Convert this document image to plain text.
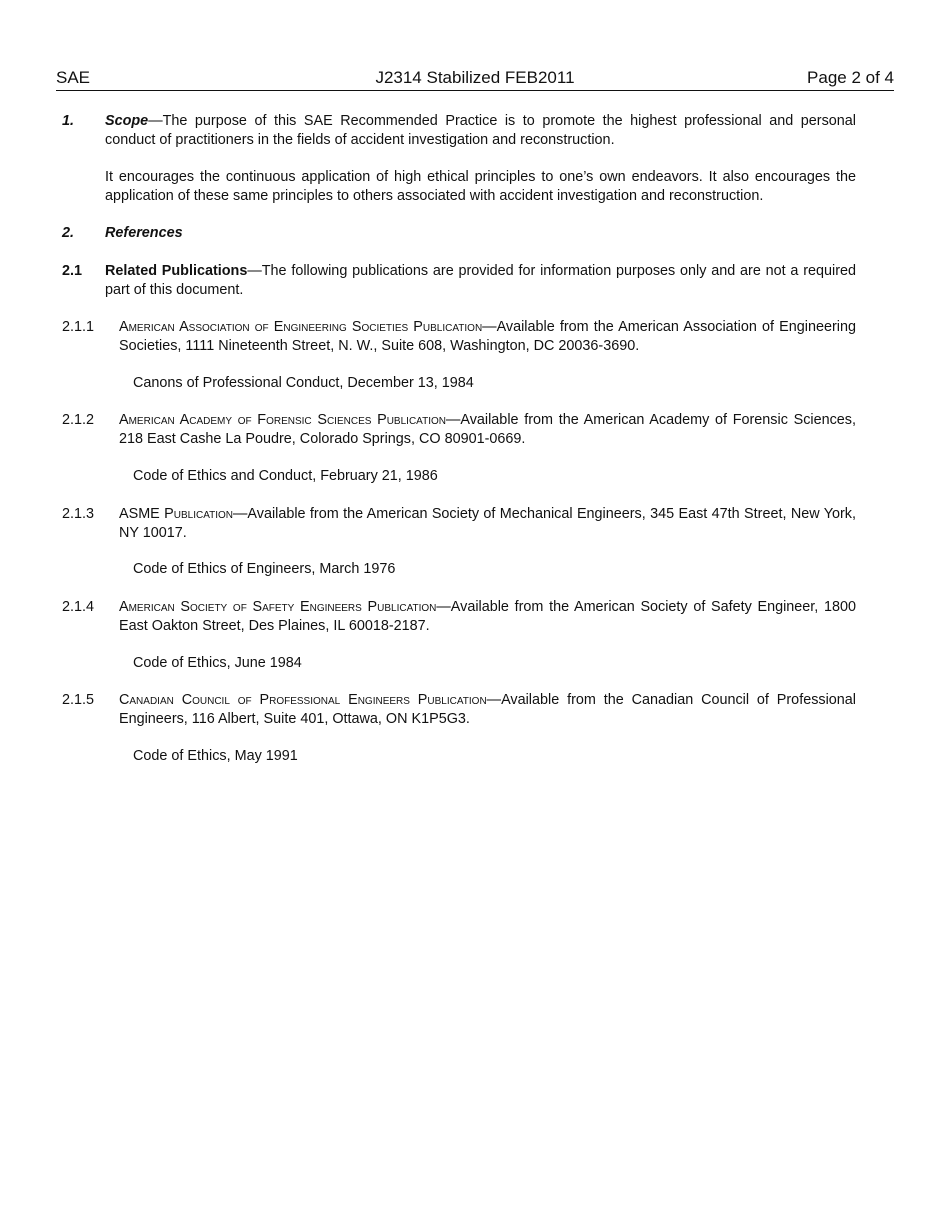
SAE	J2314 Stabilized FEB2011	Page 2 of 4
1. Scope—The purpose of this SAE Recommended Practice is to promote the highest professional and personal conduct of practitioners in the fields of accident investigation and reconstruction.
It encourages the continuous application of high ethical principles to one’s own endeavors. It also encourages the application of these same principles to others associated with accident investigation and reconstruction.
2. References
2.1 Related Publications—The following publications are provided for information purposes only and are not a required part of this document.
2.1.1 American Association of Engineering Societies Publication—Available from the American Association of Engineering Societies, 1111 Nineteenth Street, N. W., Suite 608, Washington, DC 20036-3690.
Canons of Professional Conduct, December 13, 1984
2.1.2 American Academy of Forensic Sciences Publication—Available from the American Academy of Forensic Sciences, 218 East Cashe La Poudre, Colorado Springs, CO 80901-0669.
Code of Ethics and Conduct, February 21, 1986
2.1.3 ASME Publication—Available from the American Society of Mechanical Engineers, 345 East 47th Street, New York, NY 10017.
Code of Ethics of Engineers, March 1976
2.1.4 American Society of Safety Engineers Publication—Available from the American Society of Safety Engineer, 1800 East Oakton Street, Des Plaines, IL 60018-2187.
Code of Ethics, June 1984
2.1.5 Canadian Council of Professional Engineers Publication—Available from the Canadian Council of Professional Engineers, 116 Albert, Suite 401, Ottawa, ON K1P5G3.
Code of Ethics, May 1991
